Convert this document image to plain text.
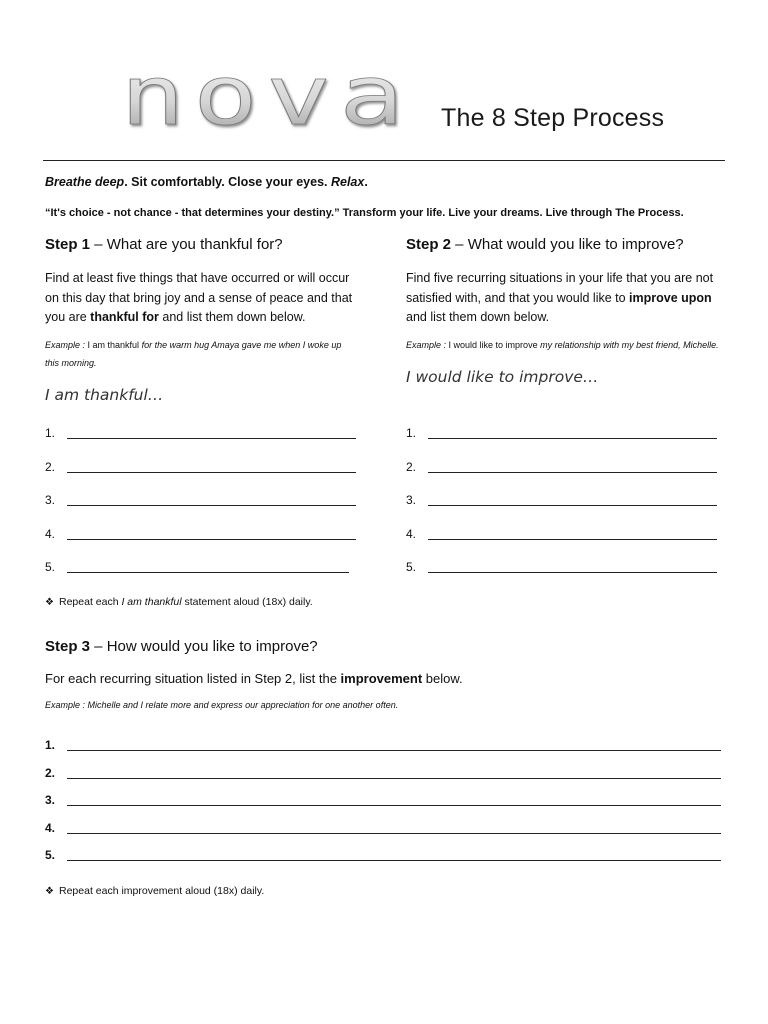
nova The 8 Step Process
Breathe deep. Sit comfortably. Close your eyes. Relax.
“It's choice - not chance - that determines your destiny.” Transform your life. Live your dreams. Live through The Process.
Step 1 – What are you thankful for?
Find at least five things that have occurred or will occur on this day that bring joy and a sense of peace and that you are thankful for and list them down below.
Example : I am thankful for the warm hug Amaya gave me when I woke up this morning.
I am thankful…
1.
2.
3.
4.
5.
❖ Repeat each I am thankful statement aloud (18x) daily.
Step 2 – What would you like to improve?
Find five recurring situations in your life that you are not satisfied with, and that you would like to improve upon and list them down below.
Example : I would like to improve my relationship with my best friend, Michelle.
I would like to improve…
1.
2.
3.
4.
5.
Step 3 – How would you like to improve?
For each recurring situation listed in Step 2, list the improvement below.
Example : Michelle and I relate more and express our appreciation for one another often.
1.
2.
3.
4.
5.
❖ Repeat each improvement aloud (18x) daily.
